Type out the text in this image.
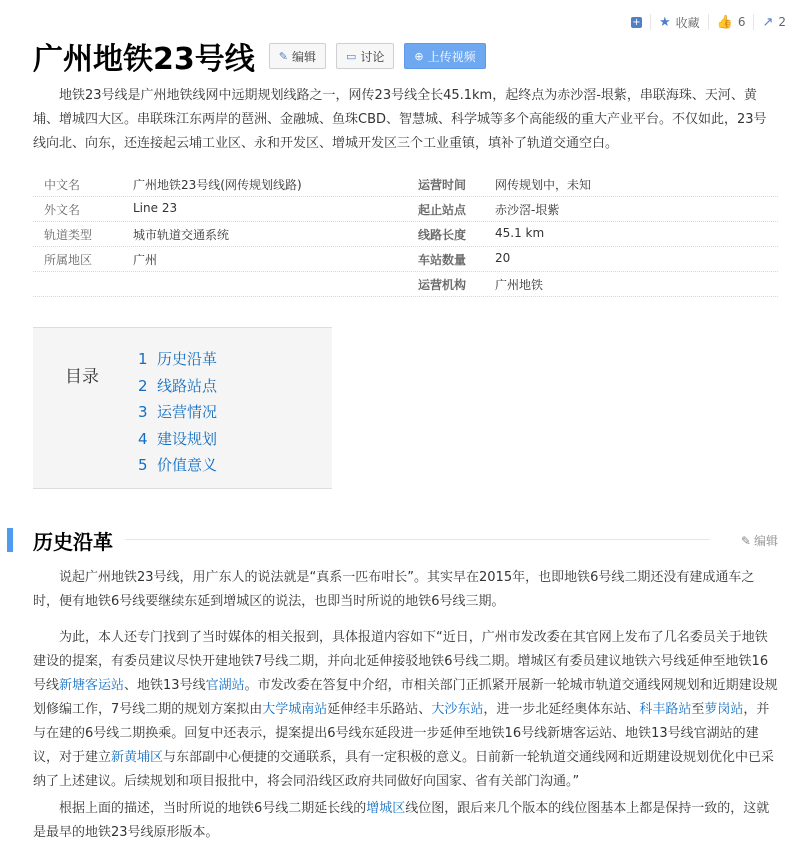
+ ★ 收藏 👍 6 ↗ 2
广州地铁23号线 ✎ 编辑	▭ 讨论	⊕ 上传视频

地铁23号线是广州地铁线网中远期规划线路之一，网传23号线全长45.1km，起终点为赤沙滘-垠紫，串联海珠、天河、黄埔、增城四大区。串联珠江东两岸的琶洲、金融城、鱼珠CBD、智慧城、科学城等多个高能级的重大产业平台。不仅如此，23号线向北、向东，还连接起云埔工业区、永和开发区、增城开发区三个工业重镇，填补了轨道交通空白。

中文名	广州地铁23号线(网传规划线路)	运营时间	网传规划中，未知
外文名	Line 23	起止站点	赤沙滘-垠紫
轨道类型	城市轨道交通系统	线路长度	45.1 km
所属地区	广州	车站数量	20
运营机构	广州地铁
目录
1 历史沿革
2 线路站点
3 运营情况
4 建设规划
5 价值意义
历史沿革	✎ 编辑

说起广州地铁23号线，用广东人的说法就是“真系一匹布咁长”。其实早在2015年，也即地铁6号线二期还没有建成通车之时，便有地铁6号线要继续东延到增城区的说法，也即当时所说的地铁6号线三期。

为此，本人还专门找到了当时媒体的相关报到，具体报道内容如下“近日，广州市发改委在其官网上发布了几名委员关于地铁建设的提案，有委员建议尽快开建地铁7号线二期，并向北延伸接驳地铁6号线二期。增城区有委员建议地铁六号线延伸至地铁16号线新塘客运站、地铁13号线官湖站。市发改委在答复中介绍，市相关部门正抓紧开展新一轮城市轨道交通线网规划和近期建设规划修编工作，7号线二期的规划方案拟由大学城南站延伸经丰乐路站、大沙东站，进一步北延经奥体东站、科丰路站至萝岗站，并与在建的6号线二期换乘。回复中还表示，提案提出6号线东延段进一步延伸至地铁16号线新塘客运站、地铁13号线官湖站的建议，对于建立新黄埔区与东部副中心便捷的交通联系，具有一定积极的意义。日前新一轮轨道交通线网和近期建设规划优化中已采纳了上述建议。后续规划和项目报批中，将会同沿线区政府共同做好向国家、省有关部门沟通。”

根据上面的描述，当时所说的地铁6号线二期延长线的增城区线位图，跟后来几个版本的线位图基本上都是保持一致的，这就是最早的地铁23号线原形版本。
